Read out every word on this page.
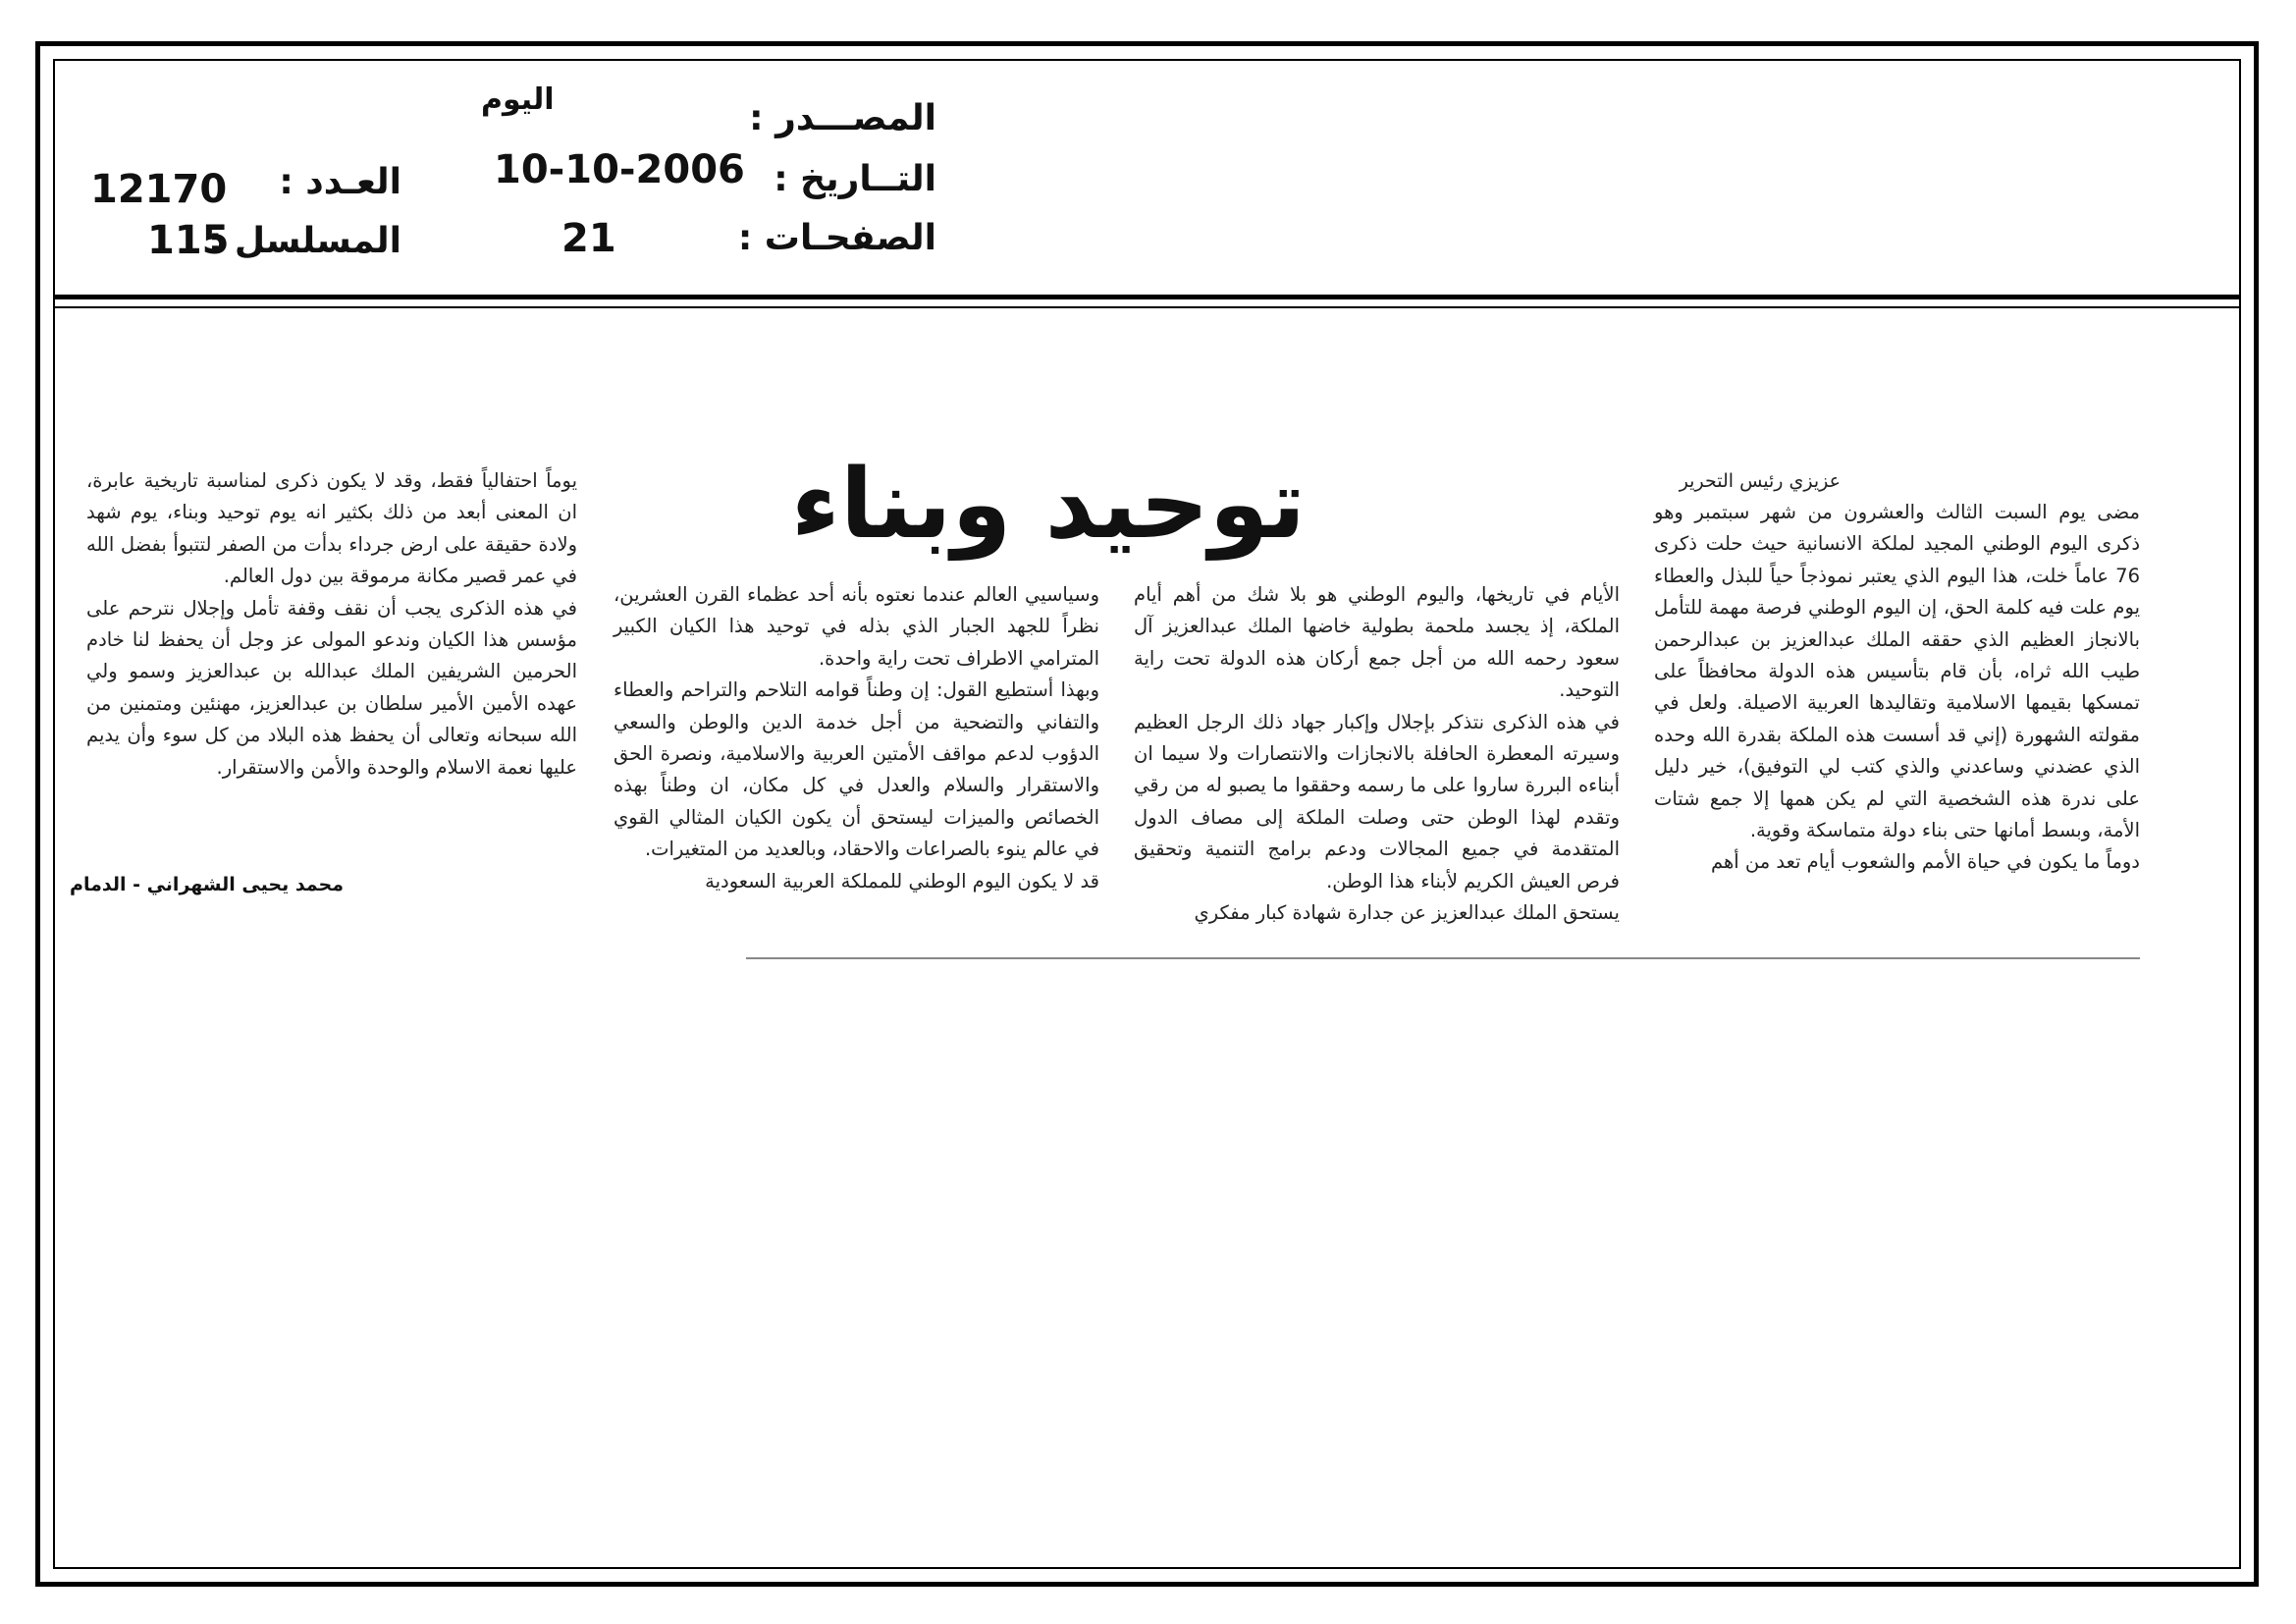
المصـــدر :
اليوم
التــاريخ :
10-10-2006
الصفحـات :
21
العـدد :
12170
المسلسل :
115
توحيد وبناء	عزيزي رئيس التحرير

مضى يوم السبت الثالث والعشرون من شهر سبتمبر وهو ذكرى اليوم الوطني المجيد لملكة الانسانية حيث حلت ذكرى 76 عاماً خلت، هذا اليوم الذي يعتبر نموذجاً حياً للبذل والعطاء يوم علت فيه كلمة الحق، إن اليوم الوطني فرصة مهمة للتأمل بالانجاز العظيم الذي حققه الملك عبدالعزيز بن عبدالرحمن طيب الله ثراه، بأن قام بتأسيس هذه الدولة محافظاً على تمسكها بقيمها الاسلامية وتقاليدها العربية الاصيلة. ولعل في مقولته الشهورة (إني قد أسست هذه الملكة بقدرة الله وحده الذي عضدني وساعدني والذي كتب لي التوفيق)، خير دليل على ندرة هذه الشخصية التي لم يكن همها إلا جمع شتات الأمة، وبسط أمانها حتى بناء دولة متماسكة وقوية.

دوماً ما يكون في حياة الأمم والشعوب أيام تعد من أهم

الأيام في تاريخها، واليوم الوطني هو بلا شك من أهم أيام الملكة، إذ يجسد ملحمة بطولية خاضها الملك عبدالعزيز آل سعود رحمه الله من أجل جمع أركان هذه الدولة تحت راية التوحيد.

في هذه الذكرى نتذكر بإجلال وإكبار جهاد ذلك الرجل العظيم وسيرته المعطرة الحافلة بالانجازات والانتصارات ولا سيما ان أبناءه البررة ساروا على ما رسمه وحققوا ما يصبو له من رقي وتقدم لهذا الوطن حتى وصلت الملكة إلى مصاف الدول المتقدمة في جميع المجالات ودعم برامج التنمية وتحقيق فرص العيش الكريم لأبناء هذا الوطن.

يستحق الملك عبدالعزيز عن جدارة شهادة كبار مفكري

وسياسيي العالم عندما نعتوه بأنه أحد عظماء القرن العشرين، نظراً للجهد الجبار الذي بذله في توحيد هذا الكيان الكبير المترامي الاطراف تحت راية واحدة.

وبهذا أستطيع القول: إن وطناً قوامه التلاحم والتراحم والعطاء والتفاني والتضحية من أجل خدمة الدين والوطن والسعي الدؤوب لدعم مواقف الأمتين العربية والاسلامية، ونصرة الحق والاستقرار والسلام والعدل في كل مكان، ان وطناً بهذه الخصائص والميزات ليستحق أن يكون الكيان المثالي القوي في عالم ينوء بالصراعات والاحقاد، وبالعديد من المتغيرات.

قد لا يكون اليوم الوطني للمملكة العربية السعودية

يوماً احتفالياً فقط، وقد لا يكون ذكرى لمناسبة تاريخية عابرة، ان المعنى أبعد من ذلك بكثير انه يوم توحيد وبناء، يوم شهد ولادة حقيقة على ارض جرداء بدأت من الصفر لتتبوأ بفضل الله في عمر قصير مكانة مرموقة بين دول العالم.

في هذه الذكرى يجب أن نقف وقفة تأمل وإجلال نترحم على مؤسس هذا الكيان وندعو المولى عز وجل أن يحفظ لنا خادم الحرمين الشريفين الملك عبدالله بن عبدالعزيز وسمو ولي عهده الأمين الأمير سلطان بن عبدالعزيز، مهنئين ومتمنين من الله سبحانه وتعالى أن يحفظ هذه البلاد من كل سوء وأن يديم عليها نعمة الاسلام والوحدة والأمن والاستقرار.

محمد يحيى الشهراني - الدمام
